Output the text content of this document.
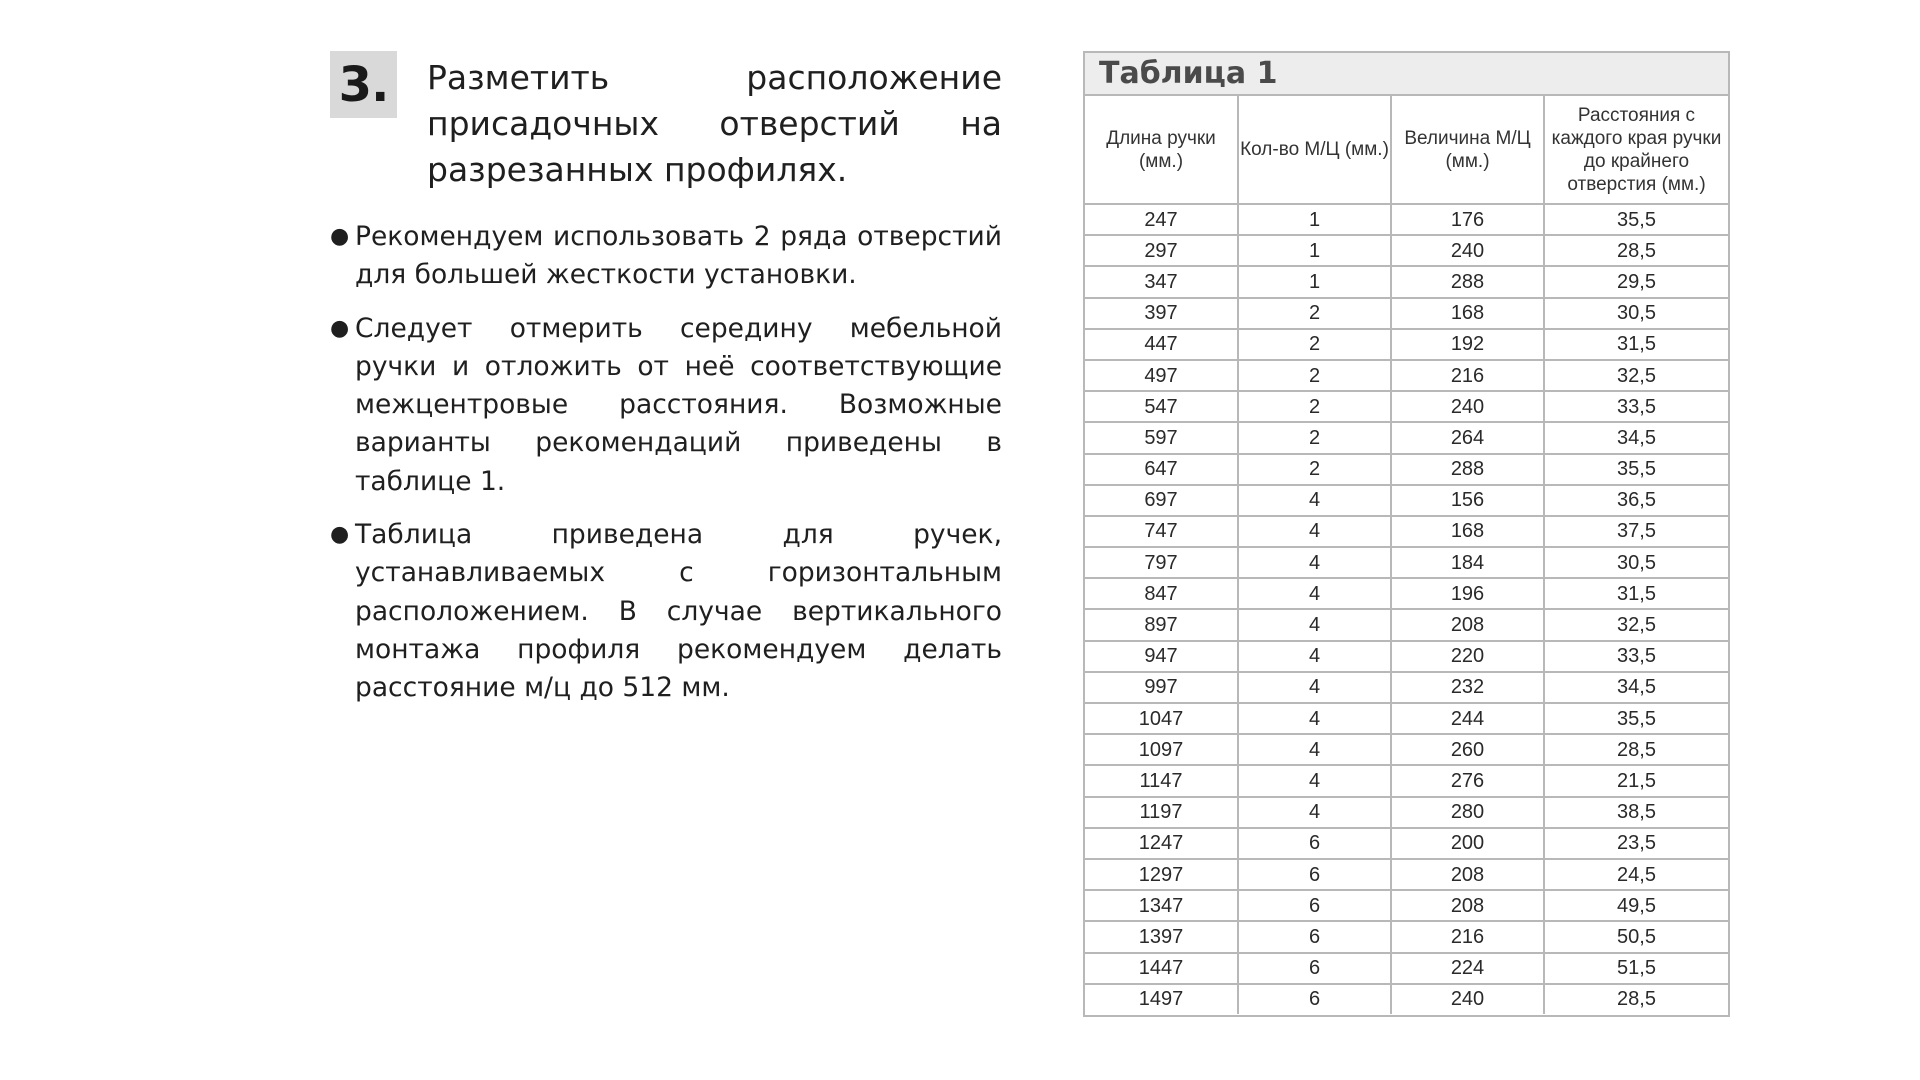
3. Разметить расположение присадочных отверстий на разрезанных профилях.
● Рекомендуем использовать 2 ряда отверстий для большей жесткости установки.
● Следует отмерить середину мебельной ручки и отложить от неё соответствующие межцентровые расстояния. Возможные варианты рекомендаций приведены в таблице 1.
● Таблица приведена для ручек, устанавливаемых с горизонтальным расположением. В случае вертикального монтажа профиля рекомендуем делать расстояние м/ц до 512 мм.
Таблица 1
Длина ручки (мм.)	Кол-во М/Ц (мм.)	Величина М/Ц (мм.)	Расстояния с каждого края ручки до крайнего отверстия (мм.)
247	1	176	35,5
297	1	240	28,5
347	1	288	29,5
397	2	168	30,5
447	2	192	31,5
497	2	216	32,5
547	2	240	33,5
597	2	264	34,5
647	2	288	35,5
697	4	156	36,5
747	4	168	37,5
797	4	184	30,5
847	4	196	31,5
897	4	208	32,5
947	4	220	33,5
997	4	232	34,5
1047	4	244	35,5
1097	4	260	28,5
1147	4	276	21,5
1197	4	280	38,5
1247	6	200	23,5
1297	6	208	24,5
1347	6	208	49,5
1397	6	216	50,5
1447	6	224	51,5
1497	6	240	28,5
